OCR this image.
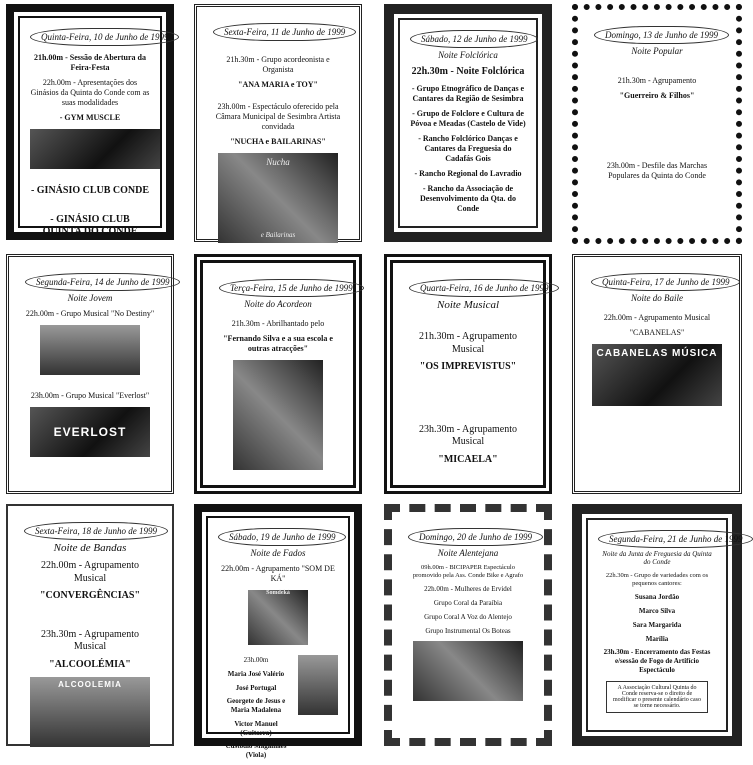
Quinta-Feira, 10 de Junho de 1999
21h.00m - Sessão de Abertura da Feira-Festa
22h.00m - Apresentações dos Ginásios da Quinta do Conde com as suas modalidades
- GYM MUSCLE
- GINÁSIO CLUB CONDE
- GINÁSIO CLUB QUINTA DO CONDE
Sexta-Feira, 11 de Junho de 1999
21h.30m - Grupo acordeonista e Organista
"ANA MARIA e TOY"
23h.00m - Espectáculo oferecido pela Câmara Municipal de Sesimbra Artista convidada
"NUCHA e BAILARINAS"
Nucha
e Bailarinas
Sábado, 12 de Junho de 1999
Noite Folclórica
22h.30m - Noite Folclórica
- Grupo Etnográfico de Danças e Cantares da Região de Sesimbra
- Grupo de Folclore e Cultura de Póvoa e Meadas (Castelo de Vide)
- Rancho Folclórico Danças e Cantares da Freguesia do Cadafás Gois
- Rancho Regional do Lavradio
- Rancho da Associação de Desenvolvimento da Qta. do Conde
Domingo, 13 de Junho de 1999
Noite Popular
21h.30m - Agrupamento
"Guerreiro & Filhos"
23h.00m - Desfile das Marchas Populares da Quinta do Conde
Segunda-Feira, 14 de Junho de 1999
Noite Jovem
22h.00m - Grupo Musical "No Destiny"
23h.00m - Grupo Musical "Everlost"
EVERLOST
Terça-Feira, 15 de Junho de 1999
Noite do Acordeon
21h.30m - Abrilhantado pelo
"Fernando Silva e a sua escola e outras atracções"
Quarta-Feira, 16 de Junho de 1999
Noite Musical
21h.30m - Agrupamento Musical
"OS IMPREVISTUS"
23h.30m - Agrupamento Musical
"MICAELA"
Quinta-Feira, 17 de Junho de 1999
Noite do Baile
22h.00m - Agrupamento Musical
"CABANELAS"
CABANELAS MÚSICA
Sexta-Feira, 18 de Junho de 1999
Noite de Bandas
22h.00m - Agrupamento Musical
"CONVERGÊNCIAS"
23h.30m - Agrupamento Musical
"ALCOOLÉMIA"
ALCOOLEMIA
Sábado, 19 de Junho de 1999
Noite de Fados
22h.00m - Agrupamento "SOM DE KÁ"
Somdeká
23h.00m
Maria José Valério
José Portugal
Georgete de Jesus e Maria Madalena
Victor Manuel (Guitarra)
Custódio Magalhães (Viola)
Domingo, 20 de Junho de 1999
Noite Alentejana
09h.00m - BICIPAPER Espectáculo promovido pela Ass. Conde Bike e Agrafo
22h.00m - Mulheres de Ervidel
Grupo Coral da Paraíbia
Grupo Coral A Voz do Alentejo
Grupo Instrumental Os Boteas
Segunda-Feira, 21 de Junho de 1999
Noite da Junta de Freguesia da Quinta do Conde
22h.30m - Grupo de variedades com os pequenos cantores:
Susana Jordão
Marco Silva
Sara Margarida
Marília
23h.30m - Encerramento das Festas e/sessão de Fogo de Artifício Espectáculo
A Associação Cultural Quinta do Conde reserva-se o direito de modificar o presente calendário caso se torne necessário.
